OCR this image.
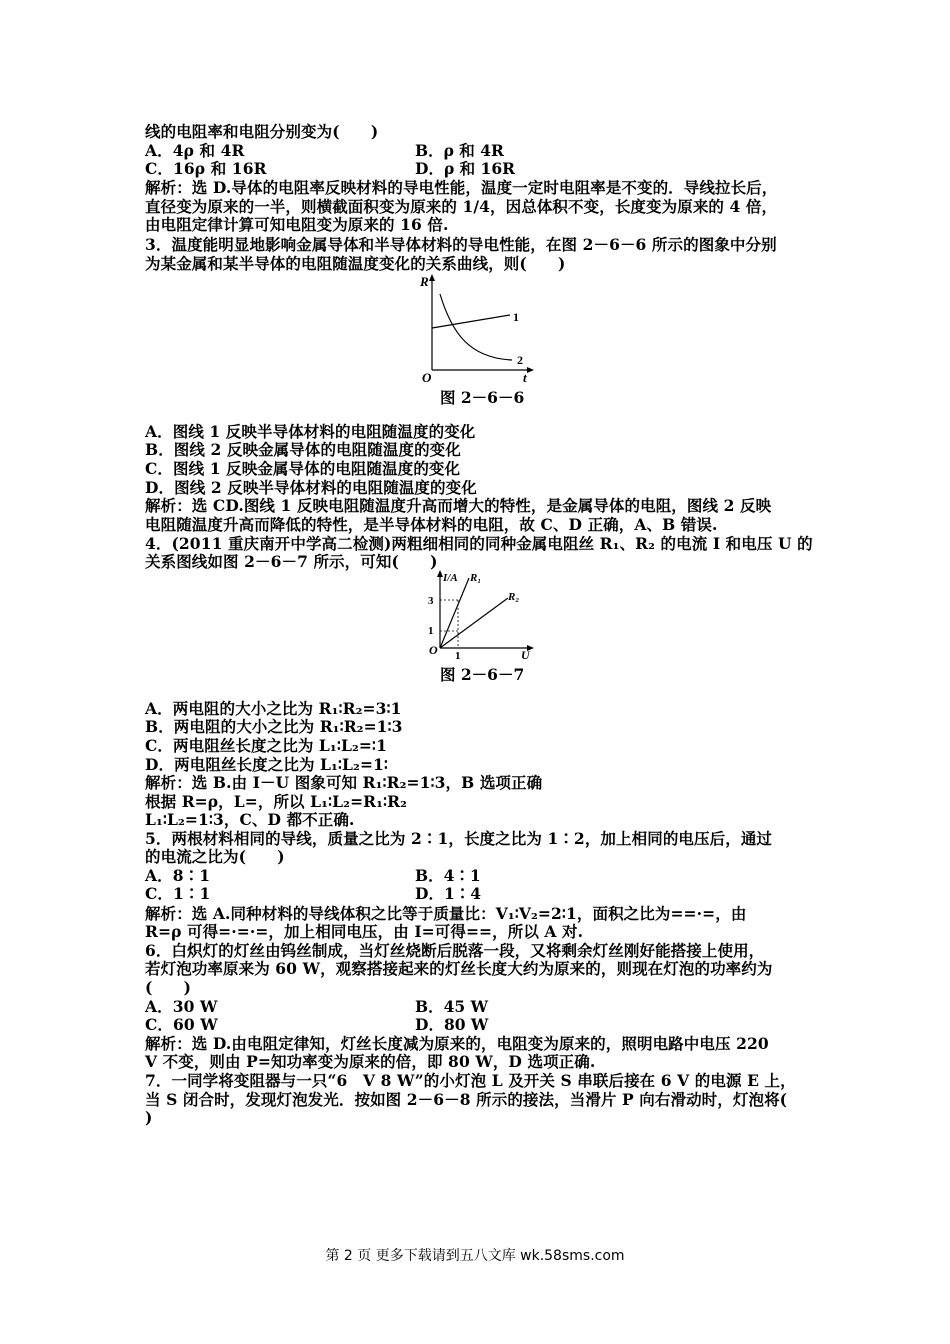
线的电阻率和电阻分别变为(　　)
A．4ρ 和 4R	B．ρ 和 4R
C．16ρ 和 16R	D．ρ 和 16R
解析：选 D.导体的电阻率反映材料的导电性能，温度一定时电阻率是不变的．导线拉长后，
直径变为原来的一半，则横截面积变为原来的 1/4，因总体积不变，长度变为原来的 4 倍，
由电阻定律计算可知电阻变为原来的 16 倍.
3．温度能明显地影响金属导体和半导体材料的导电性能，在图 2－6－6 所示的图象中分别
为某金属和某半导体的电阻随温度变化的关系曲线，则(　　)
R
t
O
1
2
图 2－6－6
A．图线 1 反映半导体材料的电阻随温度的变化
B．图线 2 反映金属导体的电阻随温度的变化
C．图线 1 反映金属导体的电阻随温度的变化
D．图线 2 反映半导体材料的电阻随温度的变化
解析：选 CD.图线 1 反映电阻随温度升高而增大的特性，是金属导体的电阻，图线 2 反映
电阻随温度升高而降低的特性，是半导体材料的电阻，故 C、D 正确，A、B 错误.
4．(2011 重庆南开中学高二检测)两粗细相同的同种金属电阻丝 R₁、R₂ 的电流 I 和电压 U 的
关系图线如图 2－6－7 所示，可知(　　)
I/A
U
O
3
1
1
R₁
R₂
图 2－6－7
A．两电阻的大小之比为 R₁∶R₂=3∶1
B．两电阻的大小之比为 R₁∶R₂=1∶3
C．两电阻丝长度之比为 L₁∶L₂=∶1
D．两电阻丝长度之比为 L₁∶L₂=1∶
解析：选 B.由 I－U 图象可知 R₁∶R₂=1∶3，B 选项正确
根据 R=ρ，L=，所以 L₁∶L₂=R₁∶R₂
L₁∶L₂=1∶3，C、D 都不正确.
5．两根材料相同的导线，质量之比为 2∶1，长度之比为 1∶2，加上相同的电压后，通过
的电流之比为(　　)
A．8∶1	B．4∶1
C．1∶1	D．1∶4
解析：选 A.同种材料的导线体积之比等于质量比：V₁∶V₂=2∶1，面积之比为==·=，由
R=ρ 可得=·=·=，加上相同电压，由 I=可得==，所以 A 对.
6．白炽灯的灯丝由钨丝制成，当灯丝烧断后脱落一段，又将剩余灯丝刚好能搭接上使用，
若灯泡功率原来为 60 W，观察搭接起来的灯丝长度大约为原来的，则现在灯泡的功率约为
(　　)
A．30 W	B．45 W
C．60 W	D．80 W
解析：选 D.由电阻定律知，灯丝长度减为原来的，电阻变为原来的，照明电路中电压 220
V 不变，则由 P=知功率变为原来的倍，即 80 W，D 选项正确.
7．一同学将变阻器与一只“6　V 8 W”的小灯泡 L 及开关 S 串联后接在 6 V 的电源 E 上，
当 S 闭合时，发现灯泡发光．按如图 2－6－8 所示的接法，当滑片 P 向右滑动时，灯泡将(
)
第 2 页 更多下载请到五八文库 wk.58sms.com
